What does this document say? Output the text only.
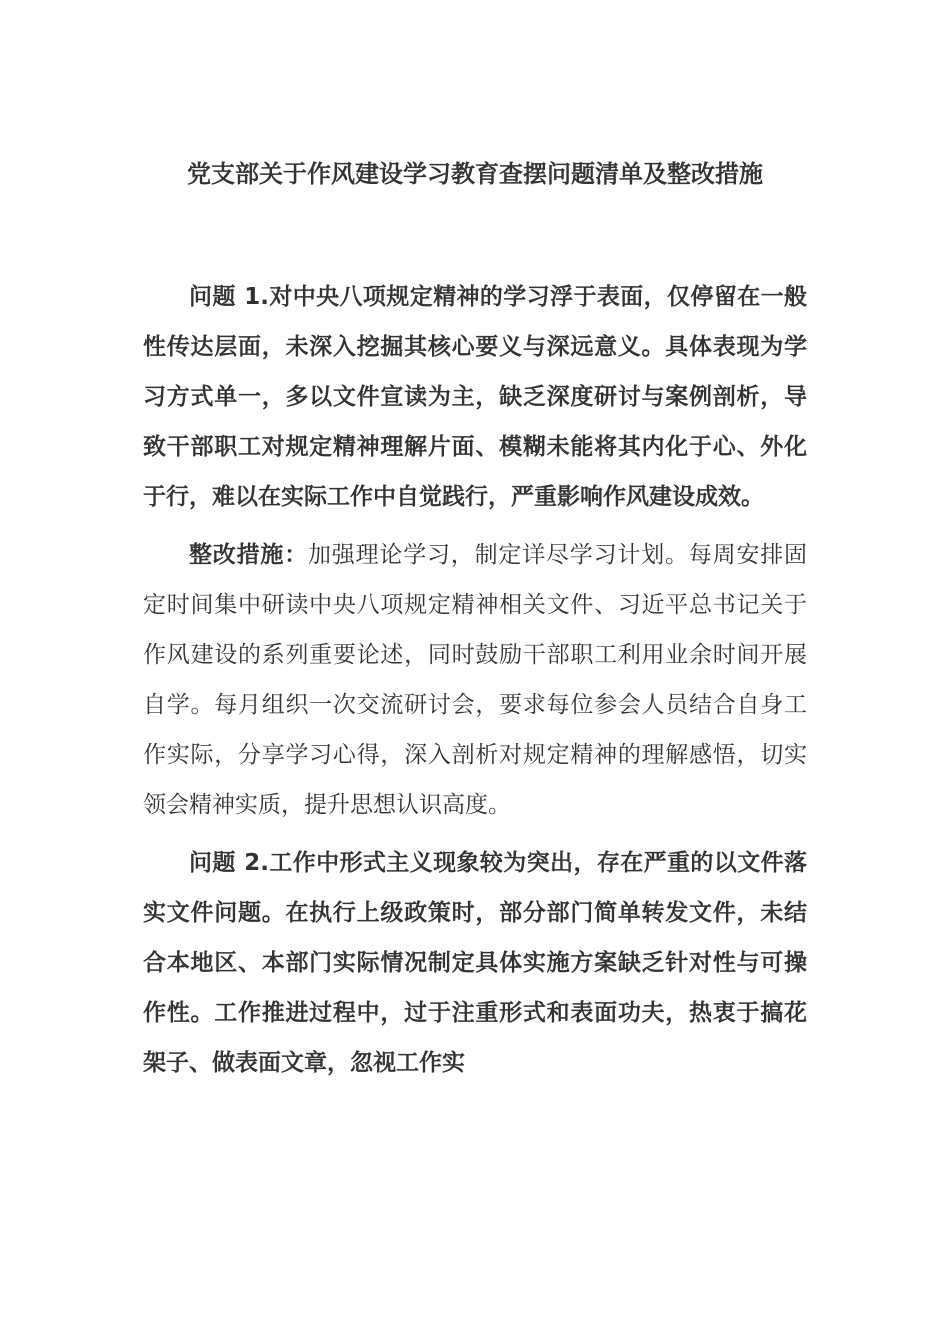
党支部关于作风建设学习教育查摆问题清单及整改措施

问题 1.对中央八项规定精神的学习浮于表面，仅停留在一般性传达层面，未深入挖掘其核心要义与深远意义。具体表现为学习方式单一，多以文件宣读为主，缺乏深度研讨与案例剖析，导致干部职工对规定精神理解片面、模糊未能将其内化于心、外化于行，难以在实际工作中自觉践行，严重影响作风建设成效。

整改措施：加强理论学习，制定详尽学习计划。每周安排固定时间集中研读中央八项规定精神相关文件、习近平总书记关于作风建设的系列重要论述，同时鼓励干部职工利用业余时间开展自学。每月组织一次交流研讨会，要求每位参会人员结合自身工作实际，分享学习心得，深入剖析对规定精神的理解感悟，切实领会精神实质，提升思想认识高度。

问题 2.工作中形式主义现象较为突出，存在严重的以文件落实文件问题。在执行上级政策时，部分部门简单转发文件，未结合本地区、本部门实际情况制定具体实施方案缺乏针对性与可操作性。工作推进过程中，过于注重形式和表面功夫，热衷于搞花架子、做表面文章，忽视工作实
